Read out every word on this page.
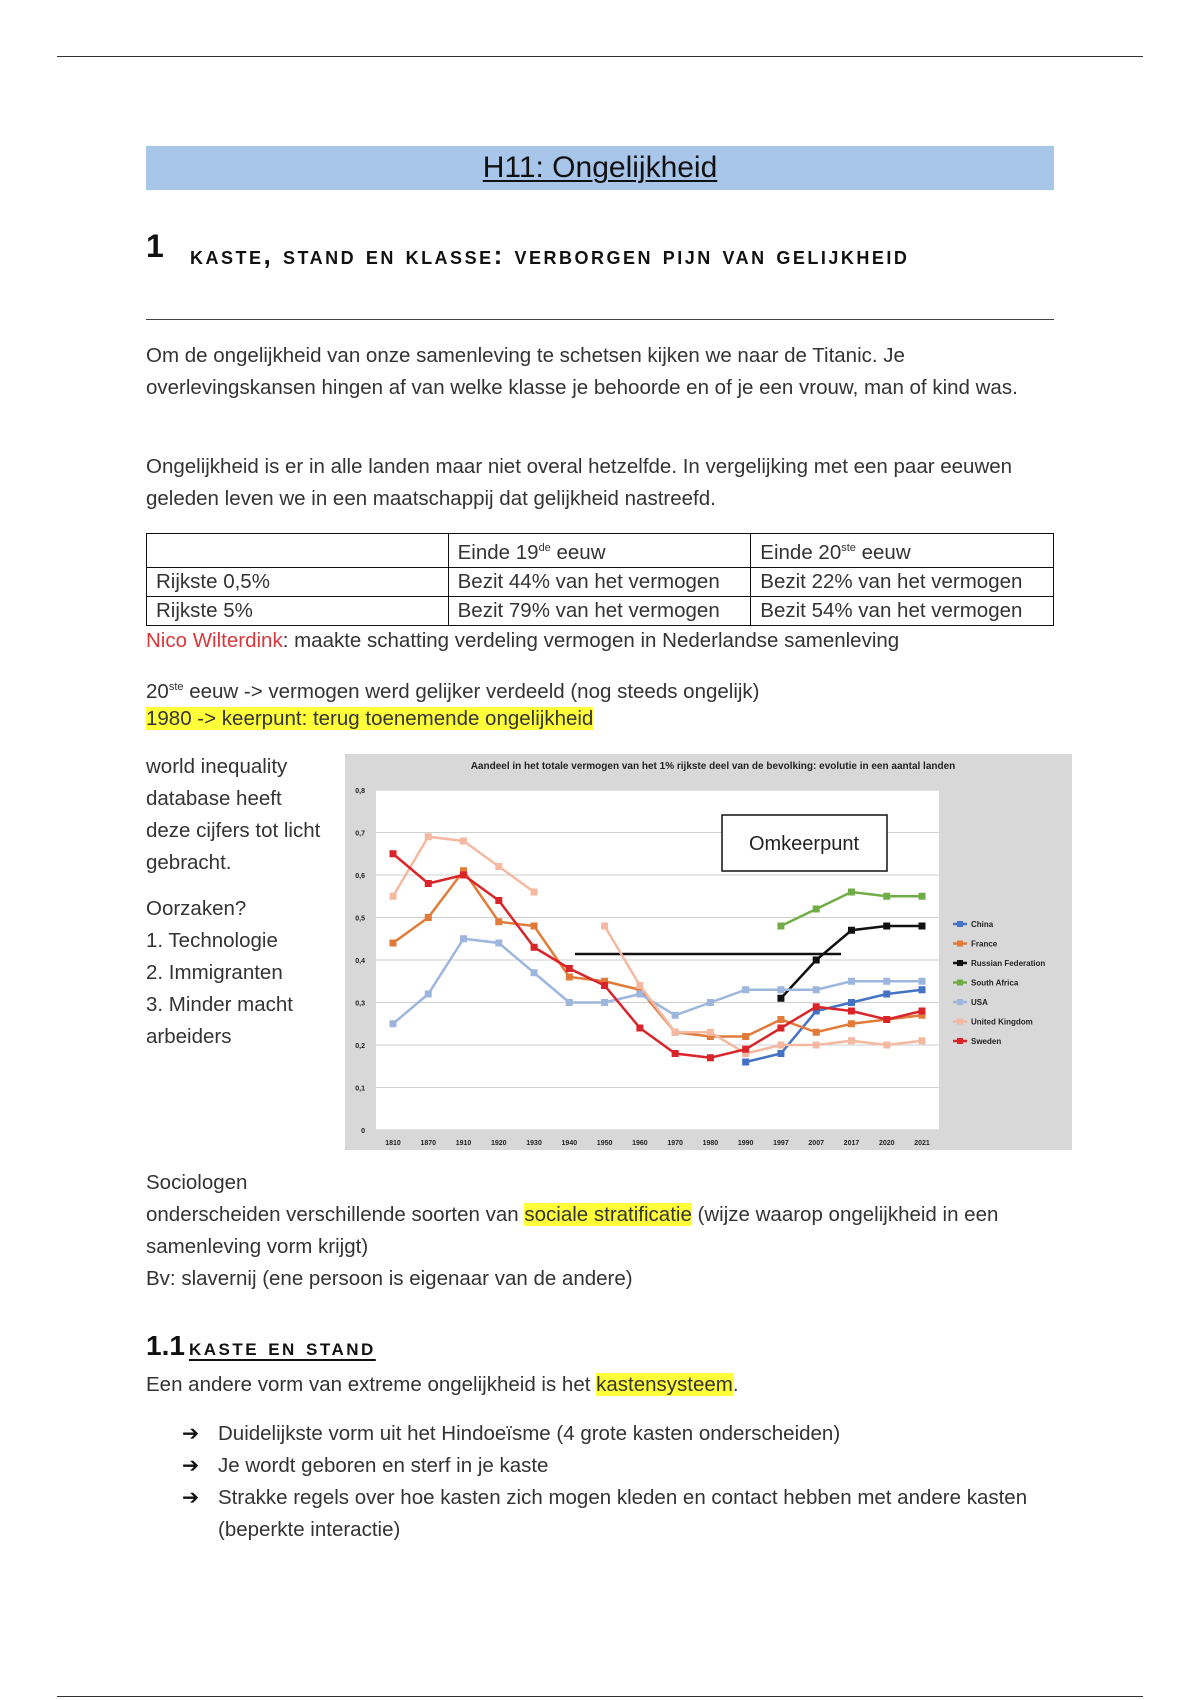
H11: Ongelijkheid
1 kaste, stand en klasse: verborgen pijn van gelijkheid
Om de ongelijkheid van onze samenleving te schetsen kijken we naar de Titanic. Je overlevingskansen hingen af van welke klasse je behoorde en of je een vrouw, man of kind was.
Ongelijkheid is er in alle landen maar niet overal hetzelfde. In vergelijking met een paar eeuwen geleden leven we in een maatschappij dat gelijkheid nastreefd.
	Einde 19de eeuw	Einde 20ste eeuw
Rijkste 0,5%	Bezit 44% van het vermogen	Bezit 22% van het vermogen
Rijkste 5%	Bezit 79% van het vermogen	Bezit 54% van het vermogen
Nico Wilterdink: maakte schatting verdeling vermogen in Nederlandse samenleving
20ste eeuw -> vermogen werd gelijker verdeeld (nog steeds ongelijk)
1980 -> keerpunt: terug toenemende ongelijkheid
world inequality database heeft deze cijfers tot licht gebracht.
Oorzaken?
1. Technologie
2. Immigranten
3. Minder macht arbeiders
Aandeel in het totale vermogen van het 1% rijkste deel van de bevolking: evolutie in een aantal landen
0
0,1
0,2
0,3
0,4
0,5
0,6
0,7
0,8
1810	1870	1910	1920	1930	1940	1950	1960	1970	1980	1990	1997	2007	2017	2020	2021
Omkeerpunt
China
France
Russian Federation
South Africa
USA
United Kingdom
Sweden
Sociologen
onderscheiden verschillende soorten van sociale stratificatie (wijze waarop ongelijkheid in een samenleving vorm krijgt)
Bv: slavernij (ene persoon is eigenaar van de andere)
1.1 kaste en stand
Een andere vorm van extreme ongelijkheid is het kastensysteem.
➔ Duidelijkste vorm uit het Hindoeïsme (4 grote kasten onderscheiden)
➔ Je wordt geboren en sterf in je kaste
➔ Strakke regels over hoe kasten zich mogen kleden en contact hebben met andere kasten (beperkte interactie)
